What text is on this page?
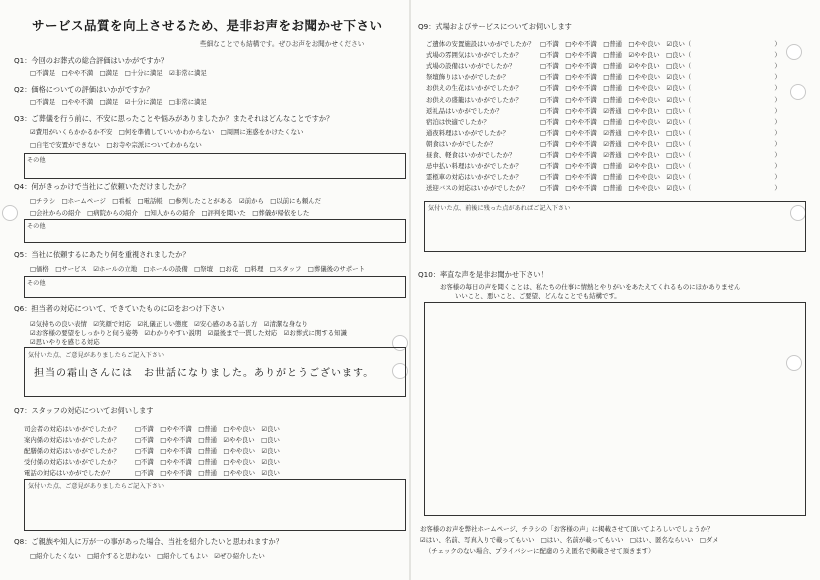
サービス品質を向上させるため、是非お声をお聞かせ下さい
些細なことでも結構です。ぜひお声をお聞かせください
Q1：今回のお葬式の総合評価はいかがですか？
□不満足　□やや不満　□満足　□十分に満足　☑非常に満足
Q2：価格についての評価はいかがですか？
□不満足　□やや不満　□満足　☑十分に満足　□非常に満足
Q3：ご葬儀を行う前に、不安に思ったことや悩みがありましたか？またそれはどんなことですか？
☑費用がいくらかかるか不安　□何を準備していいかわからない　□周囲に迷惑をかけたくない
□自宅で安置ができない　□お寺や宗派についてわからない
その他
Q4：何がきっかけで当社にご依頼いただけましたか？
□チラシ　□ホームページ　□看板　□電話帳　□参列したことがある　☑前から　□以前にも頼んだ
□会社からの紹介　□病院からの紹介　□知人からの紹介　□評判を聞いた　□葬儀が帰依をした
その他
Q5：当社に依頼するにあたり何を重視されましたか？
□価格　□サービス　☑ホールの立地　□ホールの設備　□祭壇　□お花　□料理　□スタッフ　□葬儀後のサポート
その他
Q6：担当者の対応について、できていたものに☑をおつけ下さい
☑気持ちの良い表情　☑笑顔で対応　☑礼儀正しい態度　☑安心感のある話し方　☑清潔な身なり
☑お客様の要望をしっかりと伺う姿勢　☑わかりやすい説明　☑最後まで一貫した対応　☑お葬式に関する知識
☑思いやりを感じる対応
気付いた点、ご意見がありましたらご記入下さい
担当の霜山さんには　お世話になりました。ありがとうございます。
Q7：スタッフの対応についてお伺いします
司会者の対応はいかがでしたか？ □不満　□やや不満　□普通　□やや良い　☑良い
案内係の対応はいかがでしたか？ □不満　□やや不満　□普通　☑やや良い　□良い
配膳係の対応はいかがでしたか？ □不満　□やや不満　□普通　□やや良い　☑良い
受付係の対応はいかがでしたか？ □不満　□やや不満　□普通　□やや良い　☑良い
電話の対応はいかがでしたか？	□不満　□やや不満　□普通　□やや良い　☑良い
気付いた点、ご意見がありましたらご記入下さい
Q8：ご親族や知人に万が一の事があった場合、当社を紹介したいと思われますか？
□紹介したくない　□紹介すると思わない　□紹介してもよい　☑ぜひ紹介したい
Q9：式場およびサービスについてお伺いします
ご遺体の安置施設はいかがでしたか？ □不満　□やや不満　□普通　□やや良い　☑良い（　　　　　　　　　　　　　）
式場の雰囲気はいかがでしたか？	□不満　□やや不満　□普通　☑やや良い　□良い（　　　　　　　　　　　　　）
式場の設備はいかがでしたか？	□不満　□やや不満　□普通　☑やや良い　□良い（　　　　　　　　　　　　　）
祭壇飾りはいかがでしたか？	□不満　□やや不満　□普通　□やや良い　☑良い（　　　　　　　　　　　　　）
お供えの生花はいかがでしたか？	□不満　□やや不満　□普通　□やや良い　☑良い（　　　　　　　　　　　　　）
お供えの盛籠はいかがでしたか？	□不満　□やや不満　□普通　□やや良い　☑良い（　　　　　　　　　　　　　）
返礼品はいかがでしたか？	□不満　□やや不満　☑普通　□やや良い　□良い（　　　　　　　　　　　　　）
宿泊は快適でしたか？	□不満　□やや不満　□普通　□やや良い　☑良い（　　　　　　　　　　　　　）
通夜料理はいかがでしたか？	□不満　□やや不満　☑普通　□やや良い　□良い（　　　　　　　　　　　　　）
朝食はいかがでしたか？	□不満　□やや不満　☑普通　□やや良い　□良い（　　　　　　　　　　　　　）
昼食、軽食はいかがでしたか？	□不満　□やや不満　☑普通　□やや良い　□良い（　　　　　　　　　　　　　）
忌中払い料理はいかがでしたか？	□不満　□やや不満　□普通　☑やや良い　□良い（　　　　　　　　　　　　　）
霊柩車の対応はいかがでしたか？	□不満　□やや不満　□普通　□やや良い　☑良い（　　　　　　　　　　　　　）
送迎バスの対応はいかがでしたか？ □不満　□やや不満　□普通　□やや良い　☑良い（　　　　　　　　　　　　　）
気付いた点、前後に残った点があればご記入下さい
Q10：率直な声を是非お聞かせ下さい！
お客様の毎日の声を聞くことは、私たちの仕事に情熱とやりがいをあたえてくれるものにほかありません
いいこと、悪いこと、ご要望、どんなことでも結構です。
お客様のお声を弊社ホームページ、チラシの「お客様の声」に掲載させて頂いてよろしいでしょうか？
☑はい、名前、写真入りで載ってもいい　□はい、名前が載ってもいい　□はい、匿名ならいい　□ダメ
（チェックのない場合、プライバシーに配慮のうえ匿名で掲載させて頂きます）
